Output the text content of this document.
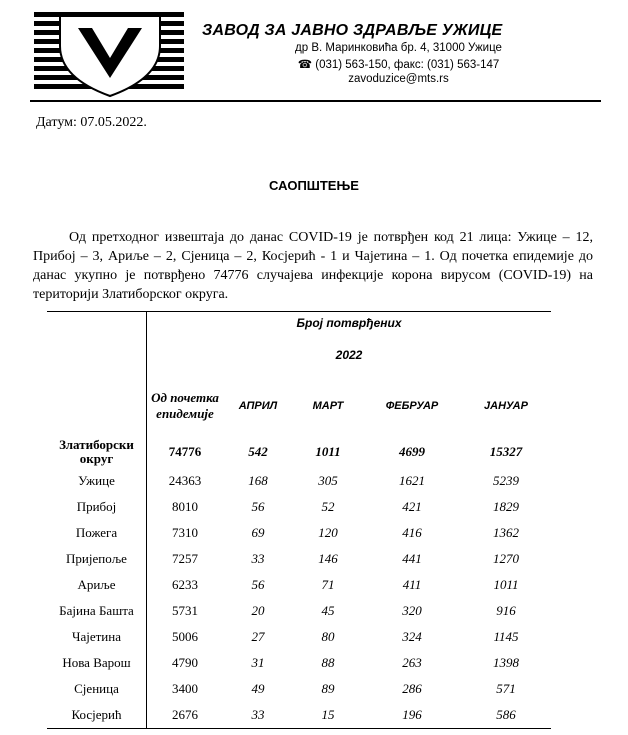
ЗАВОД ЗА ЈАВНО ЗДРАВЉЕ УЖИЦЕ
др В. Маринковића бр. 4, 31000 Ужице
☎ (031) 563-150, факс: (031) 563-147
zavoduzice@mts.rs
Датум: 07.05.2022.
САОПШТЕЊЕ
Од претходног извештаја до данас COVID-19 је потврђен код 21 лица: Ужице – 12, Прибој – 3, Ариље – 2, Сјеница – 2, Косјерић - 1 и Чајетина – 1. Од почетка епидемије до данас укупно је потврђено 74776 случајева инфекције корона вирусом (COVID-19) на територији Златиборског округа.
	Број потврђених				
	2022				
	Од почетка епидемије	АПРИЛ	МАРТ	ФЕБРУАР	ЈАНУАР
Златиборски округ	74776	542	1011	4699	15327
Ужице	24363	168	305	1621	5239
Прибој	8010	56	52	421	1829
Пожега	7310	69	120	416	1362
Пријепоље	7257	33	146	441	1270
Ариље	6233	56	71	411	1011
Бајина Башта	5731	20	45	320	916
Чајетина	5006	27	80	324	1145
Нова Варош	4790	31	88	263	1398
Сјеница	3400	49	89	286	571
Косјерић	2676	33	15	196	586
